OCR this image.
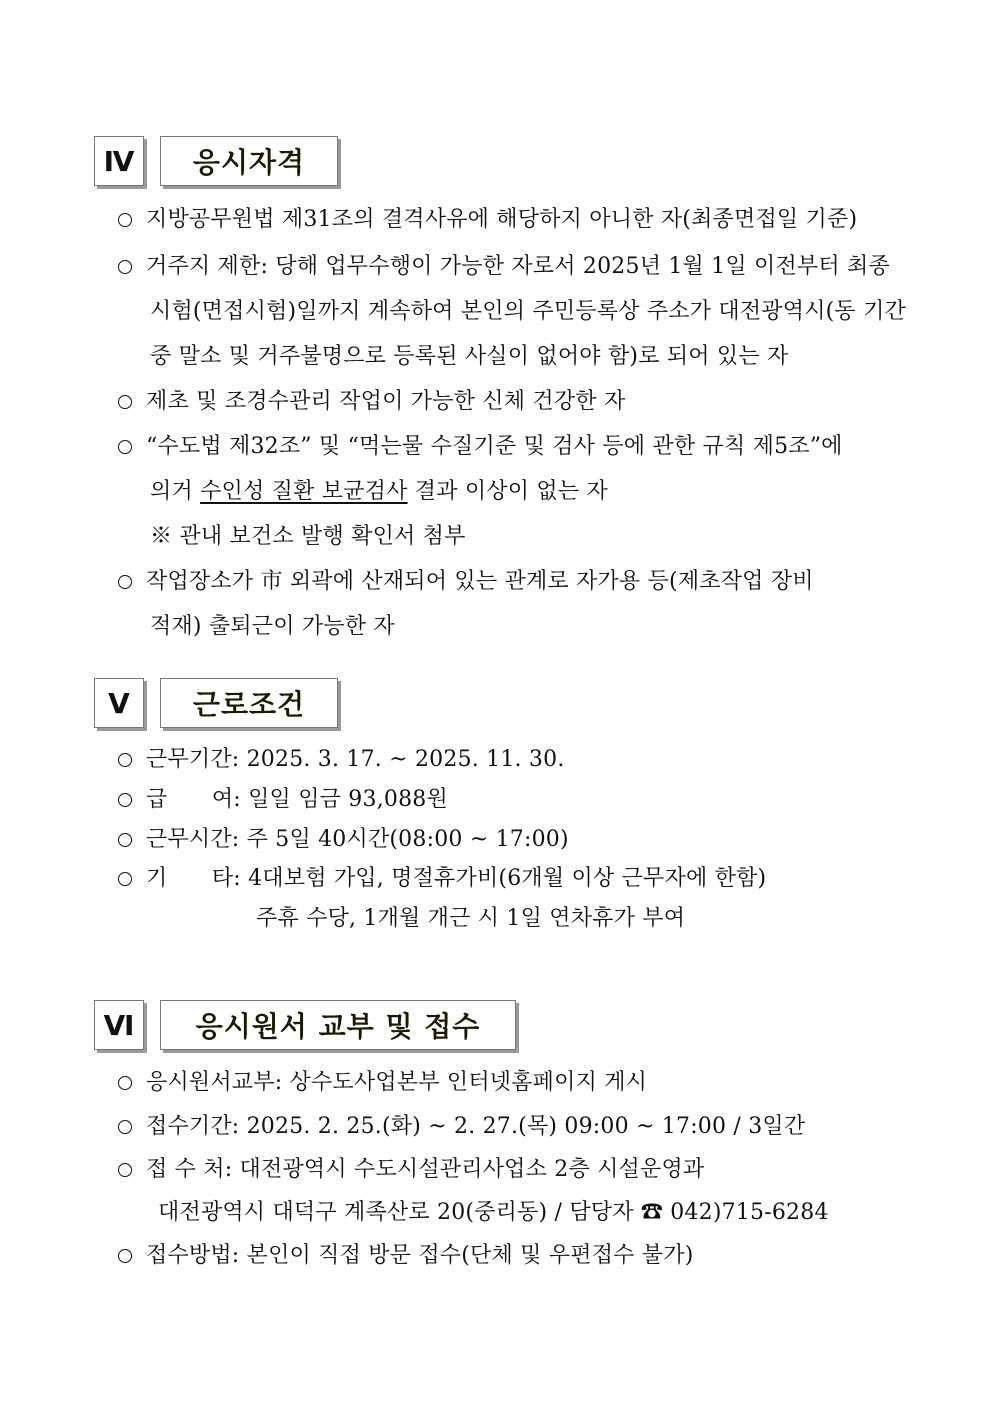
Ⅳ	응시자격
지방공무원법 제31조의 결격사유에 해당하지 아니한 자(최종면접일 기준)
거주지 제한: 당해 업무수행이 가능한 자로서 2025년 1월 1일 이전부터 최종
시험(면접시험)일까지 계속하여 본인의 주민등록상 주소가 대전광역시(동 기간
중 말소 및 거주불명으로 등록된 사실이 없어야 함)로 되어 있는 자
제초 및 조경수관리 작업이 가능한 신체 건강한 자
“수도법 제32조” 및 “먹는물 수질기준 및 검사 등에 관한 규칙 제5조”에
의거 수인성 질환 보균검사 결과 이상이 없는 자
※ 관내 보건소 발행 확인서 첨부
작업장소가 市 외곽에 산재되어 있는 관계로 자가용 등(제초작업 장비
적재) 출퇴근이 가능한 자
Ⅴ	근로조건
근무기간: 2025. 3. 17. ~ 2025. 11. 30.
급　　여: 일일 임금 93,088원
근무시간: 주 5일 40시간(08:00 ~ 17:00)
기　　타: 4대보험 가입, 명절휴가비(6개월 이상 근무자에 한함)
주휴 수당, 1개월 개근 시 1일 연차휴가 부여
Ⅵ	응시원서 교부 및 접수
응시원서교부: 상수도사업본부 인터넷홈페이지 게시
접수기간: 2025. 2. 25.(화) ~ 2. 27.(목) 09:00 ~ 17:00 / 3일간
접 수 처: 대전광역시 수도시설관리사업소 2층 시설운영과
대전광역시 대덕구 계족산로 20(중리동) / 담당자 ☎ 042)715-6284
접수방법: 본인이 직접 방문 접수(단체 및 우편접수 불가)
